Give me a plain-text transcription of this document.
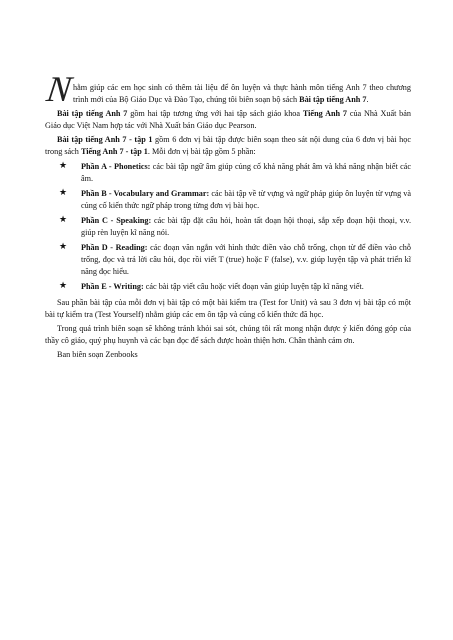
Nhằm giúp các em học sinh có thêm tài liệu để ôn luyện và thực hành môn tiếng Anh 7 theo chương trình mới của Bộ Giáo Dục và Đào Tạo, chúng tôi biên soạn bộ sách Bài tập tiếng Anh 7.

Bài tập tiếng Anh 7 gồm hai tập tương ứng với hai tập sách giáo khoa Tiếng Anh 7 của Nhà Xuất bản Giáo dục Việt Nam hợp tác với Nhà Xuất bản Giáo dục Pearson.

Bài tập tiếng Anh 7 - tập 1 gồm 6 đơn vị bài tập được biên soạn theo sát nội dung của 6 đơn vị bài học trong sách Tiếng Anh 7 - tập 1. Mỗi đơn vị bài tập gồm 5 phần:

★ Phần A - Phonetics: các bài tập ngữ âm giúp củng cố khả năng phát âm và khả năng nhận biết các âm.
★ Phần B - Vocabulary and Grammar: các bài tập về từ vựng và ngữ pháp giúp ôn luyện từ vựng và củng cố kiến thức ngữ pháp trong từng đơn vị bài học.
★ Phần C - Speaking: các bài tập đặt câu hỏi, hoàn tất đoạn hội thoại, sắp xếp đoạn hội thoại, v.v. giúp rèn luyện kĩ năng nói.
★ Phần D - Reading: các đoạn văn ngắn với hình thức điền vào chỗ trống, chọn từ để điền vào chỗ trống, đọc và trả lời câu hỏi, đọc rồi viết T (true) hoặc F (false), v.v. giúp luyện tập và phát triển kĩ năng đọc hiểu.
★ Phần E - Writing: các bài tập viết câu hoặc viết đoạn văn giúp luyện tập kĩ năng viết.

Sau phần bài tập của mỗi đơn vị bài tập có một bài kiểm tra (Test for Unit) và sau 3 đơn vị bài tập có một bài tự kiểm tra (Test Yourself) nhằm giúp các em ôn tập và củng cố kiến thức đã học.

Trong quá trình biên soạn sẽ không tránh khỏi sai sót, chúng tôi rất mong nhận được ý kiến đóng góp của thầy cô giáo, quý phụ huynh và các bạn đọc để sách được hoàn thiện hơn. Chân thành cảm ơn.

Ban biên soạn Zenbooks
